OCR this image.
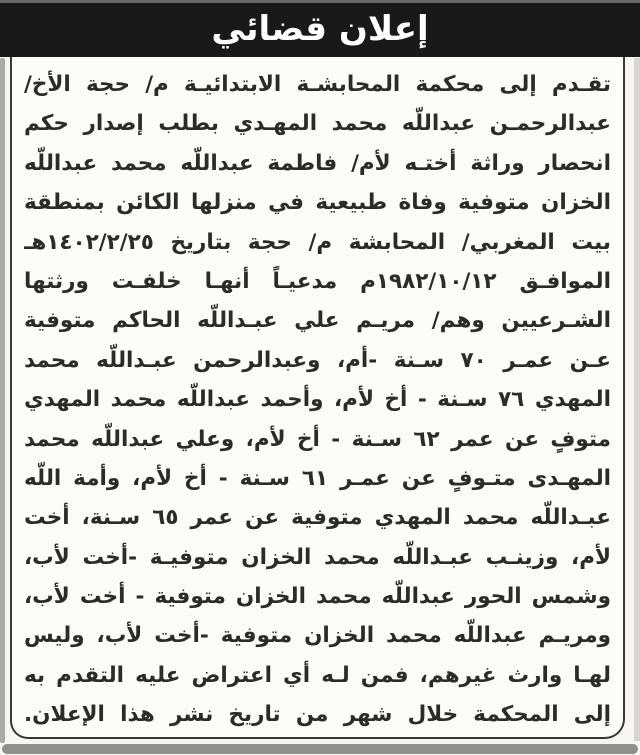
إعلان قضائي
تقـدم إلى محكمة المحابشـة الابتدائيـة م/ حجة الأخ/
عبدالرحمـن عبداللّه محمد المهـدي بطلب إصدار حكم
انحصار وراثة أختـه لأم/ فاطمة عبداللّه محمد عبداللّه
الخزان متوفية وفاة طبيعية في منزلها الكائن بمنطقة
بيت المغربي/ المحابشة م/ حجة بتاريخ ١٤٠٢/٢/٢٥هـ
الموافـق ١٩٨٢/١٠/١٢م مدعيـاً أنهـا خلفـت ورثتها
الشـرعيين وهم/ مريـم علي عبـداللّه الحاكم متوفية
عـن عمـر ٧٠ سـنة -أم، وعبدالرحمن عبـداللّه محمد
المهدي ٧٦ سـنة - أخ لأم، وأحمد عبداللّه محمد المهدي
متوفٍ عن عمر ٦٢ سـنة - أخ لأم، وعلي عبداللّه محمد
المهـدى متـوفٍ عن عمـر ٦١ سـنة - أخ لأم، وأمة اللّه
عبـداللّه محمد المهدي متوفية عن عمر ٦٥ سـنة، أخت
لأم، وزينـب عبـداللّه محمد الخزان متوفيـة -أخت لأب،
وشمس الحور عبداللّه محمد الخزان متوفية - أخت لأب،
ومريـم عبداللّه محمد الخزان متوفية -أخت لأب، وليس
لهـا وارث غيرهم، فمن لـه أي اعتراض عليه التقدم به
إلى المحكمة خلال شهر من تاريخ نشر هذا الإعلان.
